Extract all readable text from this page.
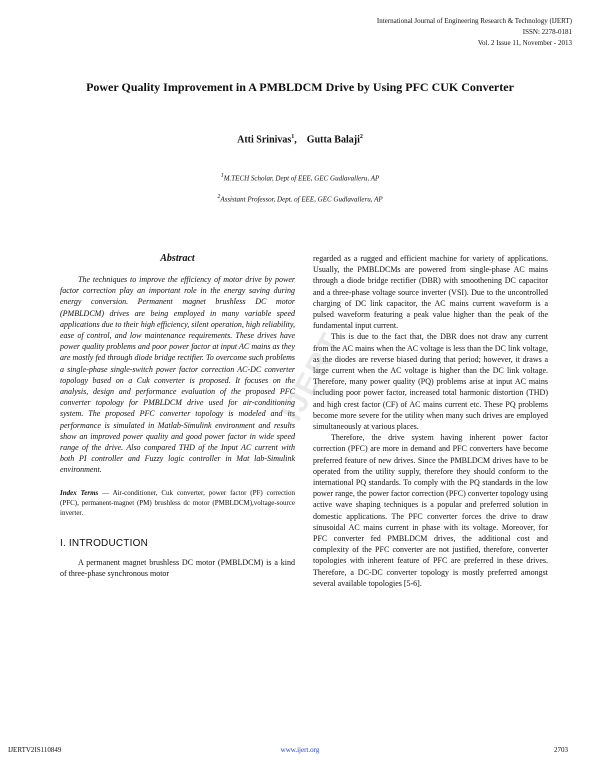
International Journal of Engineering Research & Technology (IJERT)
ISSN: 2278-0181
Vol. 2 Issue 11, November - 2013
Power Quality Improvement in A PMBLDCM Drive by Using PFC CUK Converter
Atti Srinivas$^1$,    Gutta Balaji$^2$
$^1$M.TECH Scholar, Dept of EEE, GEC Gudlavalleru, AP
$^2$Assistant Professor, Dept. of EEE, GEC Gudlavalleru, AP
Abstract

The techniques to improve the efficiency of motor drive by power factor correction play an important role in the energy saving during energy conversion. Permanent magnet brushless DC motor (PMBLDCM) drives are being employed in many variable speed applications due to their high efficiency, silent operation, high reliability, ease of control, and low maintenance requirements. These drives have power quality problems and poor power factor at input AC mains as they are mostly fed through diode bridge rectifier. To overcome such problems a single-phase single-switch power factor correction AC-DC converter topology based on a Cuk converter is proposed. It focuses on the analysis, design and performance evaluation of the proposed PFC converter topology for PMBLDCM drive used for air-conditioning system. The proposed PFC converter topology is modeled and its performance is simulated in Matlab-Simulink environment and results show an improved power quality and good power factor in wide speed range of the drive. Also compared THD of the Input AC current with both PI controller and Fuzzy logic controller in Mat lab-Simulink environment.

Index Terms — Air-conditioner, Cuk converter, power factor (PF) correction (PFC), permanent-magnet (PM) brushless dc motor (PMBLDCM),voltage-source inverter.

I. INTRODUCTION

A permanent magnet brushless DC motor (PMBLDCM) is a kind of three-phase synchronous motor

regarded as a rugged and efficient machine for variety of applications. Usually, the PMBLDCMs are powered from single-phase AC mains through a diode bridge rectifier (DBR) with smoothening DC capacitor and a three-phase voltage source inverter (VSI). Due to the uncontrolled charging of DC link capacitor, the AC mains current waveform is a pulsed waveform featuring a peak value higher than the peak of the fundamental input current.

This is due to the fact that, the DBR does not draw any current from the AC mains when the AC voltage is less than the DC link voltage, as the diodes are reverse biased during that period; however, it draws a large current when the AC voltage is higher than the DC link voltage. Therefore, many power quality (PQ) problems arise at input AC mains including poor power factor, increased total harmonic distortion (THD) and high crest factor (CF) of AC mains current etc. These PQ problems become more severe for the utility when many such drives are employed simultaneously at various places.

Therefore, the drive system having inherent power factor correction (PFC) are more in demand and PFC converters have become preferred feature of new drives. Since the PMBLDCM drives have to be operated from the utility supply, therefore they should conform to the international PQ standards. To comply with the PQ standards in the low power range, the power factor correction (PFC) converter topology using active wave shaping techniques is a popular and preferred solution in domestic applications. The PFC converter forces the drive to draw sinusoidal AC mains current in phase with its voltage. Moreover, for PFC converter fed PMBLDCM drives, the additional cost and complexity of the PFC converter are not justified, therefore, converter topologies with inherent feature of PFC are preferred in these drives. Therefore, a DC-DC converter topology is mostly preferred amongst several available topologies [5-6].

IJERT
IJERTV2IS110849	www.ijert.org	2703
